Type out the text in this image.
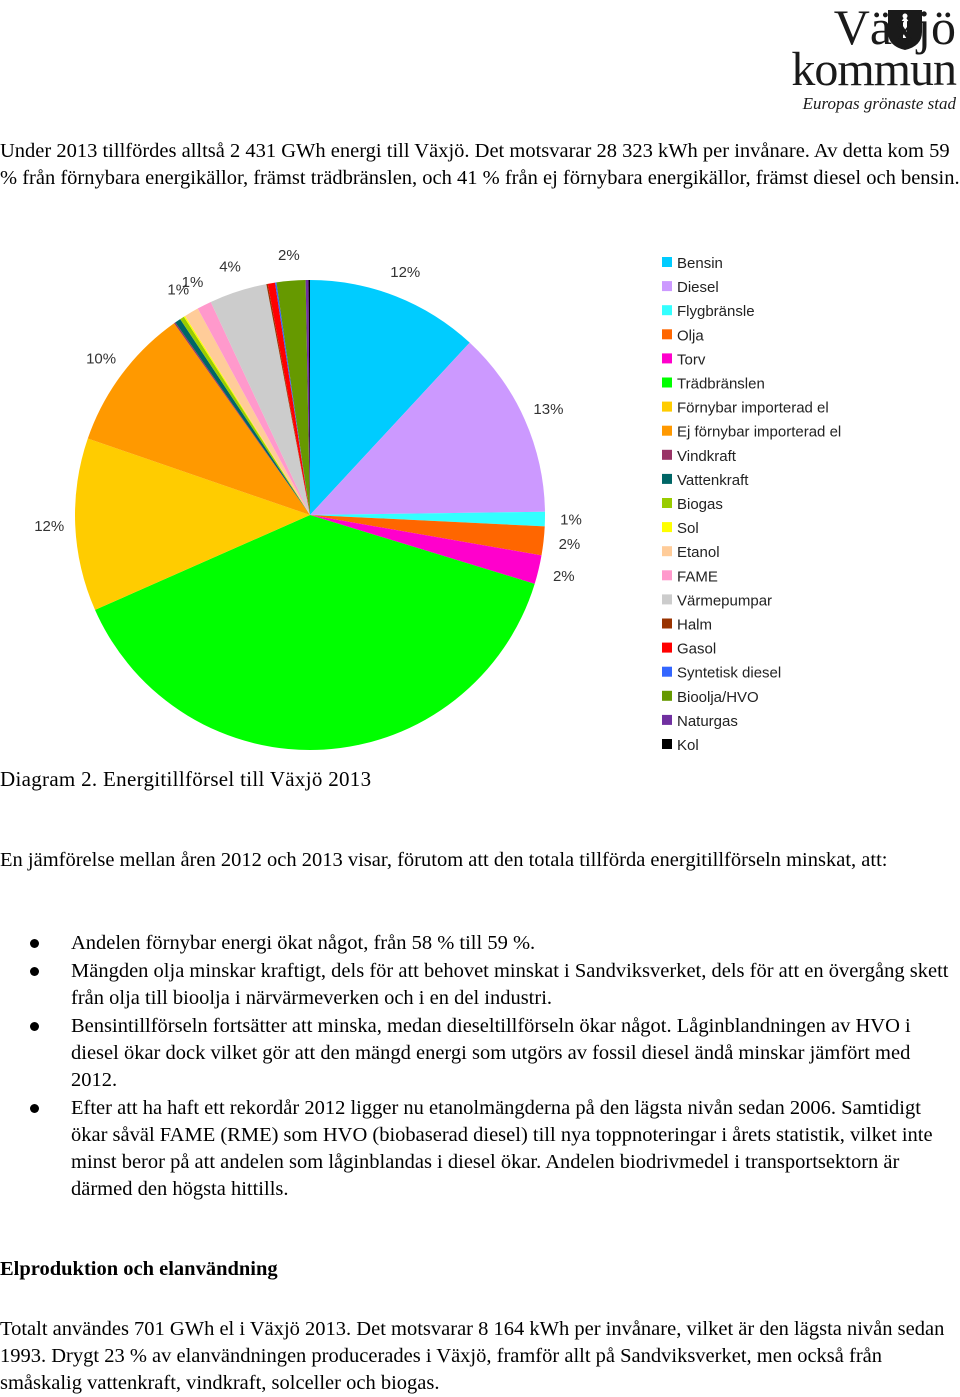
Växjö
kommun
Europas grönaste stad

Under 2013 tillfördes alltså 2 431 GWh energi till Växjö. Det motsvarar 28 323 kWh per invånare. Av detta kom 59 % från förnybara energikällor, främst trädbränslen, och 41 % från ej förnybara energikällor, främst diesel och bensin.

12%
13%
1%
2%
2%
12%
10%
1%
1%
4%
2%	Bensin
Diesel
Flygbränsle
Olja
Torv
Trädbränslen
Förnybar importerad el
Ej förnybar importerad el
Vindkraft
Vattenkraft
Biogas
Sol
Etanol
FAME
Värmepumpar
Halm
Gasol
Syntetisk diesel
Bioolja/HVO
Naturgas
Kol
Diagram 2. Energitillförsel till Växjö 2013

En jämförelse mellan åren 2012 och 2013 visar, förutom att den totala tillförda energitillförseln minskat, att:

Andelen förnybar energi ökat något, från 58 % till 59 %.
Mängden olja minskar kraftigt, dels för att behovet minskat i Sandviksverket, dels för att en övergång skett från olja till bioolja i närvärmeverken och i en del industri.
Bensintillförseln fortsätter att minska, medan dieseltillförseln ökar något. Låginblandningen av HVO i diesel ökar dock vilket gör att den mängd energi som utgörs av fossil diesel ändå minskar jämfört med 2012.
Efter att ha haft ett rekordår 2012 ligger nu etanolmängderna på den lägsta nivån sedan 2006. Samtidigt ökar såväl FAME (RME) som HVO (biobaserad diesel) till nya toppnoteringar i årets statistik, vilket inte minst beror på att andelen som låginblandas i diesel ökar. Andelen biodrivmedel i transportsektorn är därmed den högsta hittills.
Elproduktion och elanvändning

Totalt användes 701 GWh el i Växjö 2013. Det motsvarar 8 164 kWh per invånare, vilket är den lägsta nivån sedan 1993. Drygt 23 % av elanvändningen producerades i Växjö, framför allt på Sandviksverket, men också från småskalig vattenkraft, vindkraft, solceller och biogas.
